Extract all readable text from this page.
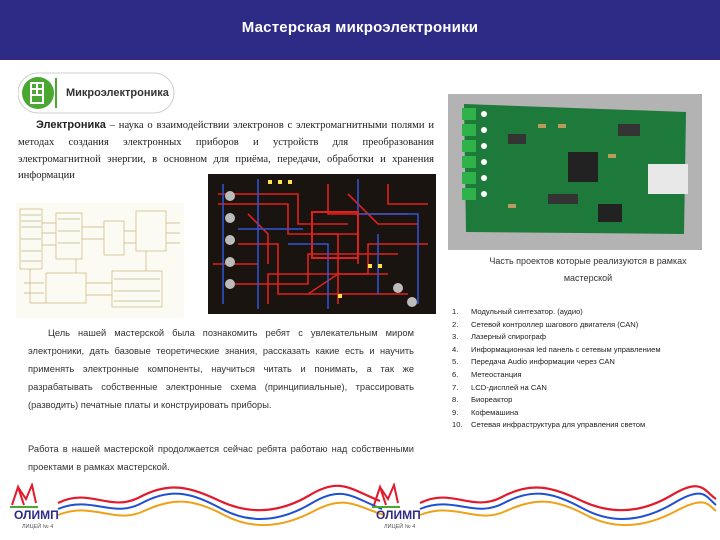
Мастерская микроэлектроники
Микроэлектроника
Электроника – наука о взаимодействии электронов с электромагнитными полями и методах создания электронных приборов и устройств для преобразования электромагнитной энергии, в основном для приёма, передачи, обработки и хранения информации
Часть проектов которые реализуются в рамках мастерской
1. Модульный синтезатор. (аудио)
2. Сетевой контроллер шагового двигателя (CAN)
3. Лазерный спирограф
4. Информационная led панель с сетевым управлением
5. Передача Audio информации через CAN
6. Метеостанция
7. LCD-дисплей на CAN
8. Биореактор
9. Кофемашина
10. Сетевая инфраструктура для управления светом
Цель нашей мастерской была познакомить ребят с увлекательным миром электроники, дать базовые теоретические знания, рассказать какие есть и научить применять электронные компоненты, научиться читать и понимать, а так же разрабатывать собственные электронные схема (принципиальные), трассировать (разводить) печатные платы и конструировать приборы.
Работа в нашей мастерской продолжается сейчас ребята работаю над собственными проектами в рамках мастерской.
ОЛИМП
ЛИЦЕЙ № 4
ОЛИМП
ЛИЦЕЙ № 4
